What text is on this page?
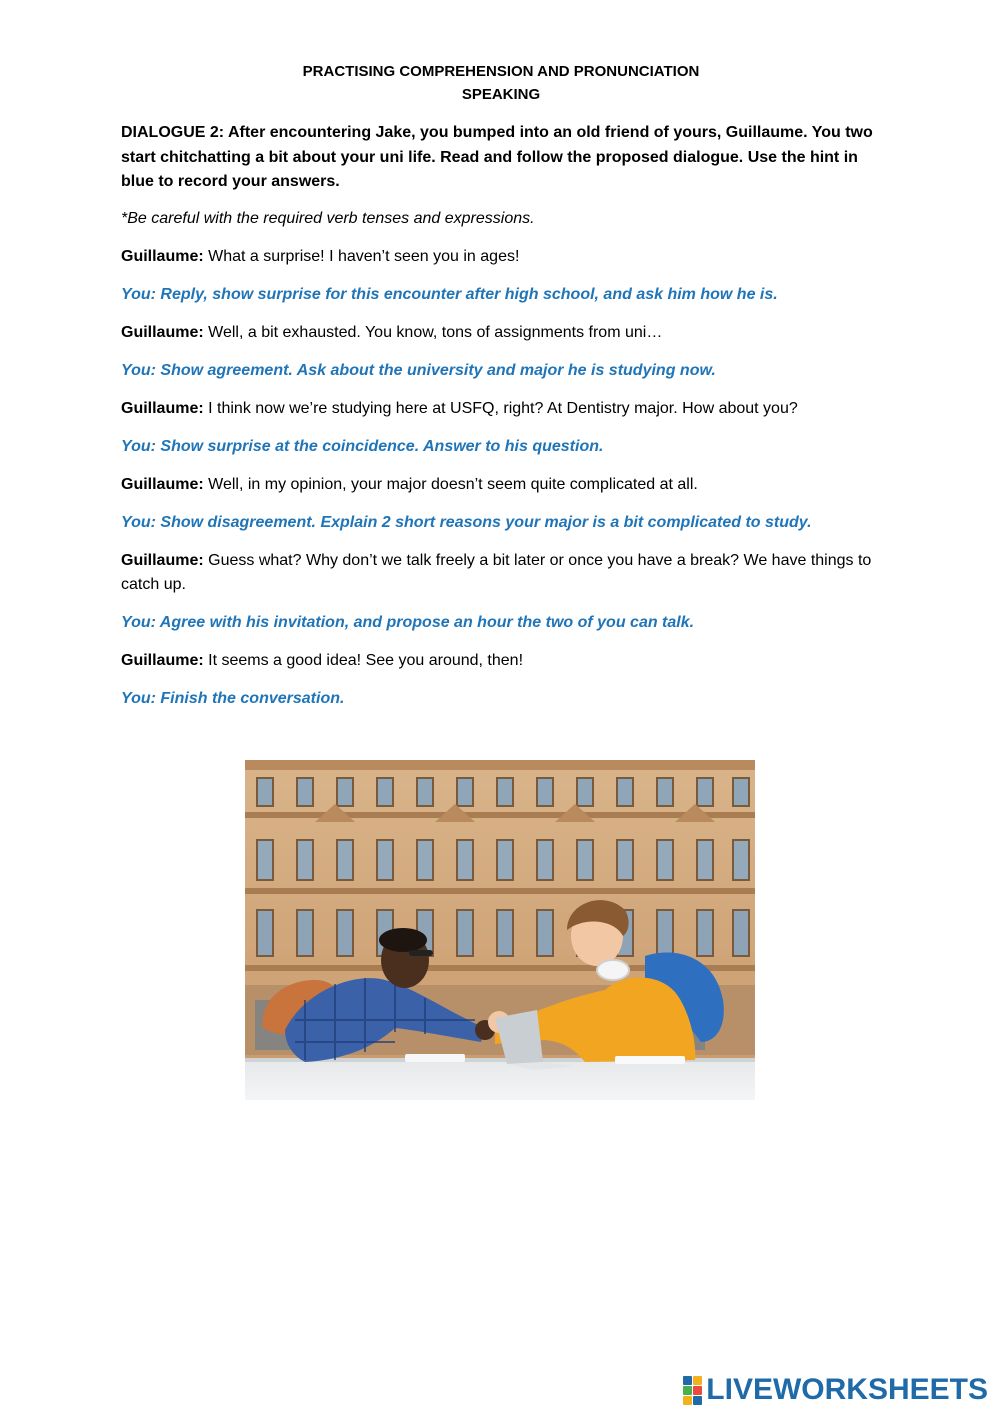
PRACTISING COMPREHENSION AND PRONUNCIATION
SPEAKING

DIALOGUE 2: After encountering Jake, you bumped into an old friend of yours, Guillaume. You two start chitchatting a bit about your uni life. Read and follow the proposed dialogue. Use the hint in blue to record your answers.

*Be careful with the required verb tenses and expressions.

Guillaume: What a surprise! I haven’t seen you in ages!

You: Reply, show surprise for this encounter after high school, and ask him how he is.

Guillaume: Well, a bit exhausted. You know, tons of assignments from uni…

You: Show agreement. Ask about the university and major he is studying now.

Guillaume: I think now we’re studying here at USFQ, right? At Dentistry major. How about you?

You: Show surprise at the coincidence. Answer to his question.

Guillaume: Well, in my opinion, your major doesn’t seem quite complicated at all.

You: Show disagreement. Explain 2 short reasons your major is a bit complicated to study.

Guillaume: Guess what? Why don’t we talk freely a bit later or once you have a break? We have things to catch up.

You: Agree with his invitation, and propose an hour the two of you can talk.

Guillaume: It seems a good idea! See you around, then!

You: Finish the conversation.

LIVEWORKSHEETS
